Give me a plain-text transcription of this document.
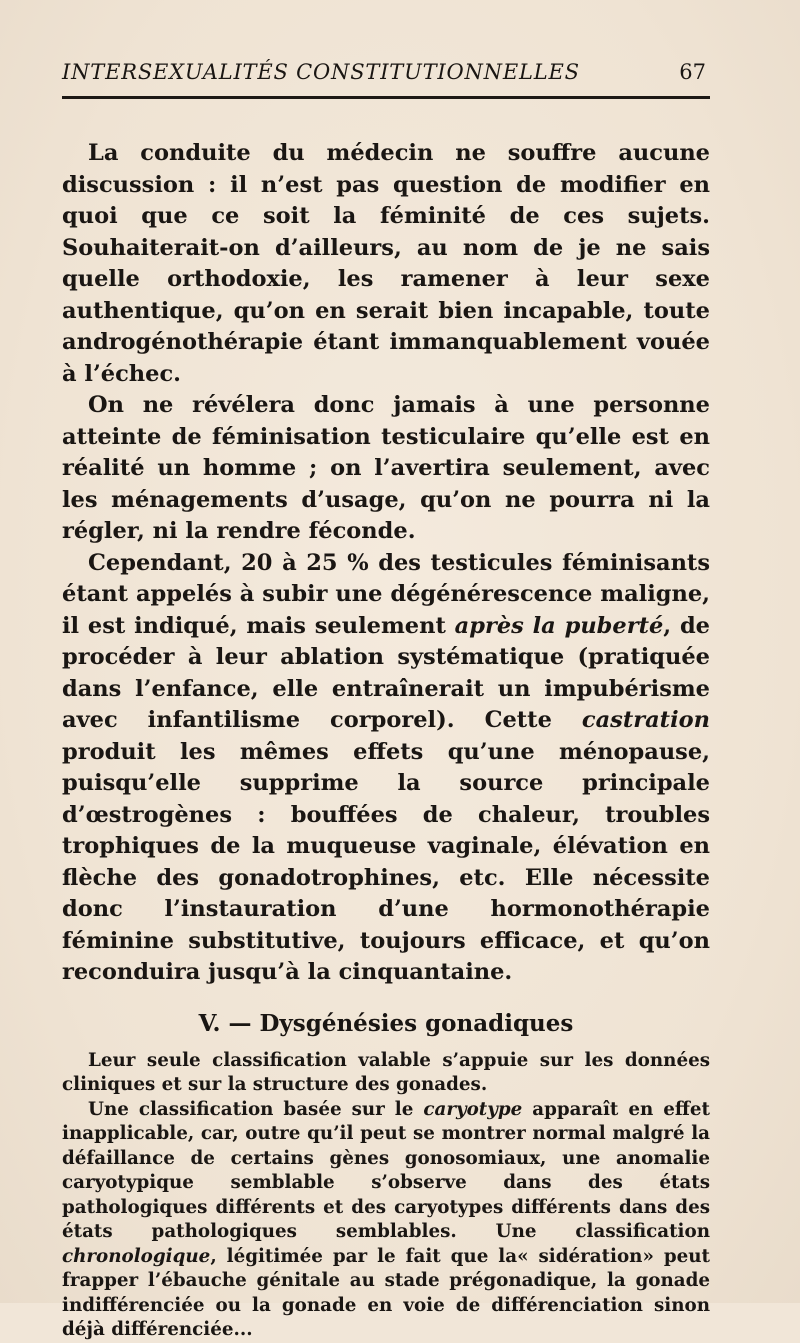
INTERSEXUALITÉS CONSTITUTIONNELLES	67

La conduite du médecin ne souffre aucune discussion : il n’est pas question de modifier en quoi que ce soit la féminité de ces sujets. Souhaiterait-on d’ailleurs, au nom de je ne sais quelle orthodoxie, les ramener à leur sexe authentique, qu’on en serait bien incapable, toute androgénothérapie étant immanquablement vouée à l’échec.

On ne révélera donc jamais à une personne atteinte de féminisation testiculaire qu’elle est en réalité un homme ; on l’avertira seulement, avec les ménagements d’usage, qu’on ne pourra ni la régler, ni la rendre féconde.

Cependant, 20 à 25 % des testicules féminisants étant appelés à subir une dégénérescence maligne, il est indiqué, mais seulement après la puberté, de procéder à leur ablation systématique (pratiquée dans l’enfance, elle entraînerait un impubérisme avec infantilisme corporel). Cette castration produit les mêmes effets qu’une ménopause, puisqu’elle supprime la source principale d’œstrogènes : bouffées de chaleur, troubles trophiques de la muqueuse vaginale, élévation en flèche des gonadotrophines, etc. Elle nécessite donc l’instauration d’une hormonothérapie féminine substitutive, toujours efficace, et qu’on reconduira jusqu’à la cinquantaine.

V. — Dysgénésies gonadiques

Leur seule classification valable s’appuie sur les données cliniques et sur la structure des gonades.

Une classification basée sur le caryotype apparaît en effet inapplicable, car, outre qu’il peut se montrer normal malgré la défaillance de certains gènes gonosomiaux, une anomalie caryotypique semblable s’observe dans des états pathologiques différents et des caryotypes différents dans des états pathologiques semblables. Une classification chronologique, légitimée par le fait que la« sidération» peut frapper l’ébauche génitale au stade prégonadique, la gonade indifférenciée ou la gonade en voie de différenciation sinon déjà différenciée...
